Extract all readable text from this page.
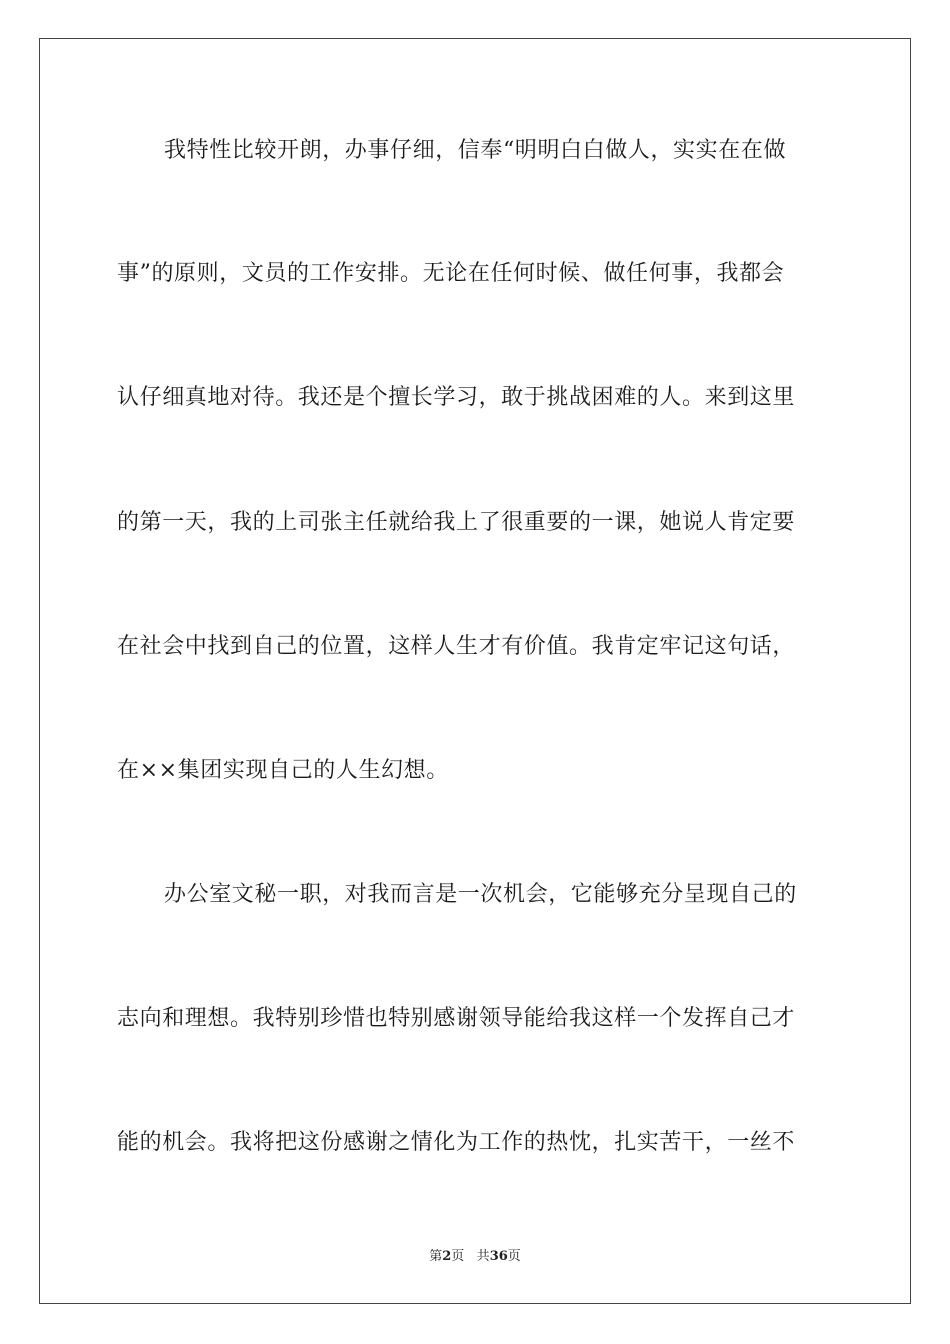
我特性比较开朗，办事仔细，信奉“明明白白做人，实实在在做
事”的原则，文员的工作安排。无论在任何时候、做任何事，我都会
认仔细真地对待。我还是个擅长学习，敢于挑战困难的人。来到这里
的第一天，我的上司张主任就给我上了很重要的一课，她说人肯定要
在社会中找到自己的位置，这样人生才有价值。我肯定牢记这句话，
在××集团实现自己的人生幻想。
办公室文秘一职，对我而言是一次机会，它能够充分呈现自己的
志向和理想。我特别珍惜也特别感谢领导能给我这样一个发挥自己才
能的机会。我将把这份感谢之情化为工作的热忱，扎实苦干，一丝不
第2页 共36页
